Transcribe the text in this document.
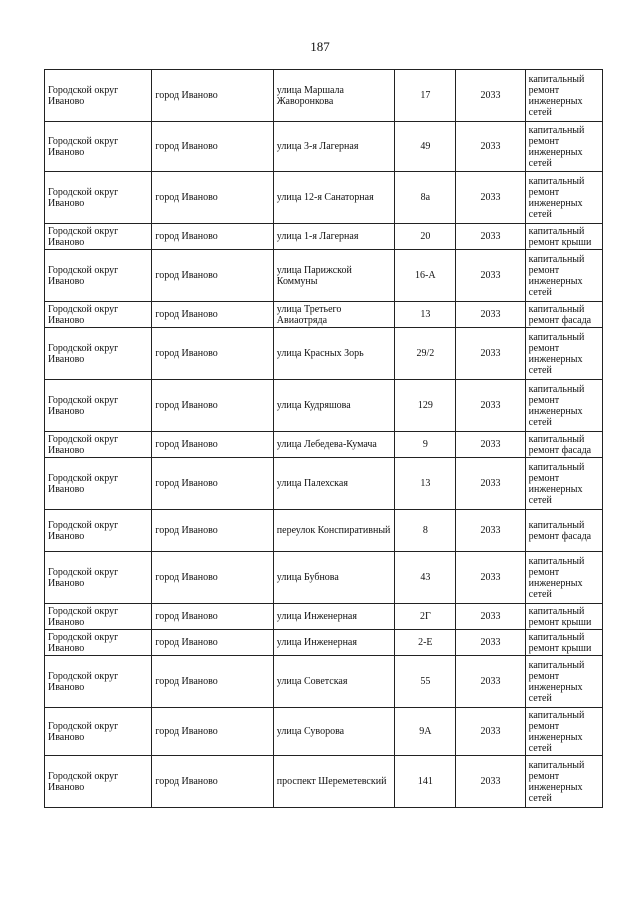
187
Городской округ Иваново	город Иваново	улица Маршала Жаворонкова	17	2033	капитальный ремонт инженерных сетей
Городской округ Иваново	город Иваново	улица 3-я Лагерная	49	2033	капитальный ремонт инженерных сетей
Городской округ Иваново	город Иваново	улица 12-я Санаторная	8а	2033	капитальный ремонт инженерных сетей
Городской округ Иваново	город Иваново	улица 1-я Лагерная	20	2033	капитальный ремонт крыши
Городской округ Иваново	город Иваново	улица Парижской Коммуны	16-А	2033	капитальный ремонт инженерных сетей
Городской округ Иваново	город Иваново	улица Третьего Авиаотряда	13	2033	капитальный ремонт фасада
Городской округ Иваново	город Иваново	улица Красных Зорь	29/2	2033	капитальный ремонт инженерных сетей
Городской округ Иваново	город Иваново	улица Кудряшова	129	2033	капитальный ремонт инженерных сетей
Городской округ Иваново	город Иваново	улица Лебедева-Кумача	9	2033	капитальный ремонт фасада
Городской округ Иваново	город Иваново	улица Палехская	13	2033	капитальный ремонт инженерных сетей
Городской округ Иваново	город Иваново	переулок Конспиративный	8	2033	капитальный ремонт фасада
Городской округ Иваново	город Иваново	улица Бубнова	43	2033	капитальный ремонт инженерных сетей
Городской округ Иваново	город Иваново	улица Инженерная	2Г	2033	капитальный ремонт крыши
Городской округ Иваново	город Иваново	улица Инженерная	2-Е	2033	капитальный ремонт крыши
Городской округ Иваново	город Иваново	улица Советская	55	2033	капитальный ремонт инженерных сетей
Городской округ Иваново	город Иваново	улица Суворова	9А	2033	капитальный ремонт инженерных сетей
Городской округ Иваново	город Иваново	проспект Шереметевский	141	2033	капитальный ремонт инженерных сетей
